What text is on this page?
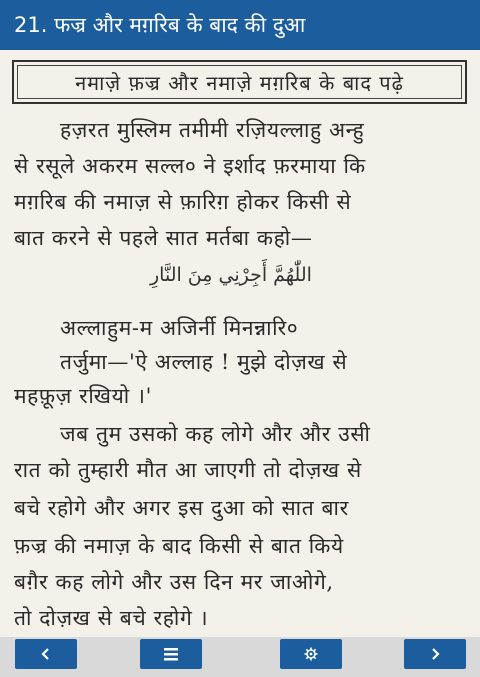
21. फज्र और मग़रिब के बाद की दुआ
नमाज़े फ़ज्र और नमाज़े मग़रिब के बाद पढ़े
हज़रत मुस्लिम तमीमी रज़ियल्लाहु अन्हु
से रसूले अकरम सल्ल० ने इर्शाद फ़रमाया कि
मग़रिब की नमाज़ से फ़ारिग़ होकर किसी से
बात करने से पहले सात मर्तबा कहो—
اللّٰهُمَّ أَجِرْنِي مِنَ النَّارِ
अल्लाहुम-म अजिर्नी मिनन्नारि०
तर्जुमा—'ऐ अल्लाह ! मुझे दोज़ख से
महफ़ूज़ रखियो ।'
जब तुम उसको कह लोगे और और उसी
रात को तुम्हारी मौत आ जाएगी तो दोज़ख से
बचे रहोगे और अगर इस दुआ को सात बार
फ़ज्र की नमाज़ के बाद किसी से बात किये
बग़ैर कह लोगे और उस दिन मर जाओगे,
तो दोज़ख से बचे रहोगे ।
